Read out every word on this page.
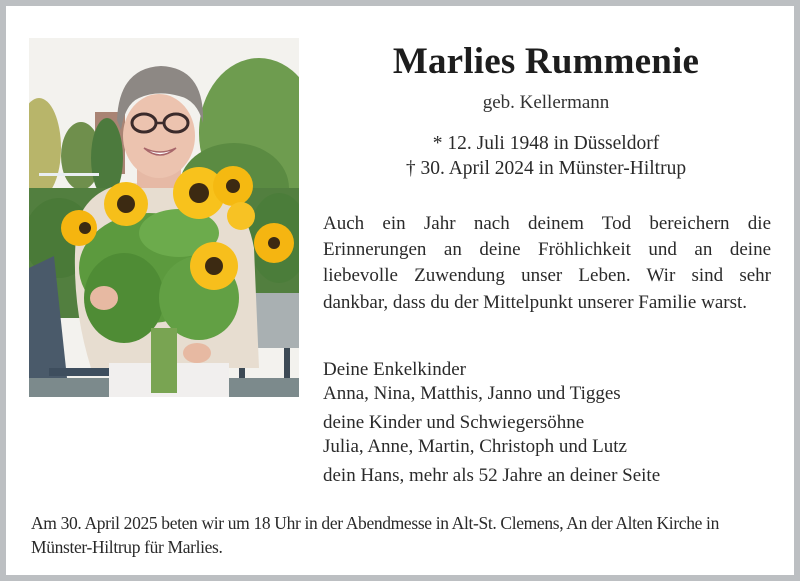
Marlies Rummenie
geb. Kellermann
* 12. Juli 1948 in Düsseldorf
† 30. April 2024 in Münster-Hiltrup
Auch ein Jahr nach deinem Tod bereichern die Erinnerungen an deine Fröhlichkeit und an deine liebevolle Zuwendung unser Leben. Wir sind sehr dankbar, dass du der Mittelpunkt unserer Familie warst.
Deine Enkelkinder
Anna, Nina, Matthis, Janno und Tigges
deine Kinder und Schwiegersöhne
Julia, Anne, Martin, Christoph und Lutz
dein Hans, mehr als 52 Jahre an deiner Seite
Am 30. April 2025 beten wir um 18 Uhr in der Abendmesse in Alt-St. Clemens, An der Alten Kirche in Münster-Hiltrup für Marlies.
